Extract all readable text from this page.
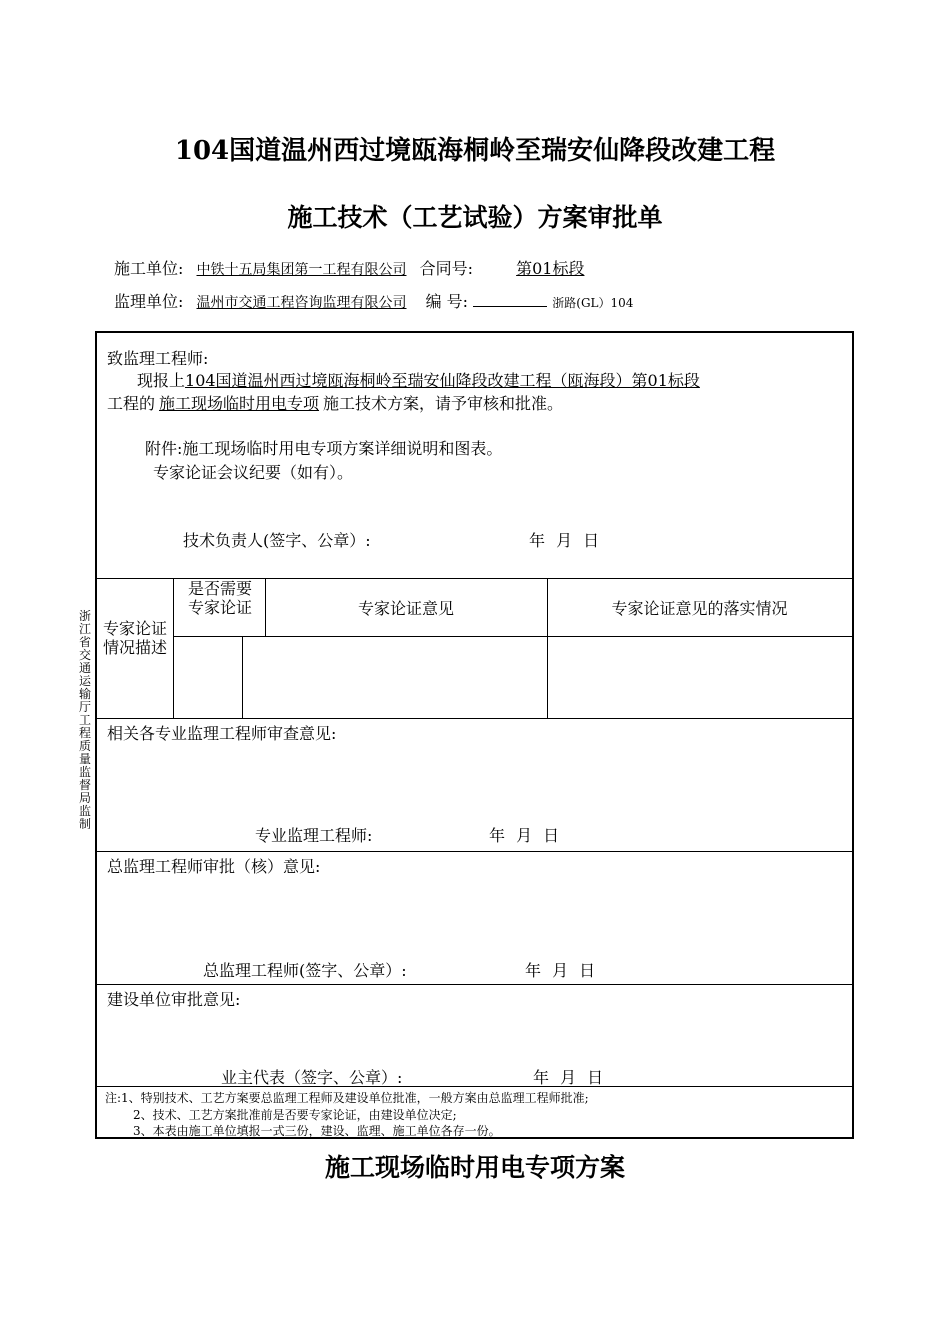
104国道温州西过境瓯海桐岭至瑞安仙降段改建工程
施工技术（工艺试验）方案审批单
施工单位: 中铁十五局集团第一工程有限公司 合同号:	第01标段
监理单位: 温州市交通工程咨询监理有限公司 编 号:	浙路(GL）104
浙江省交通运输厅工程质量监督局监制
致监理工程师:
现报上104国道温州西过境瓯海桐岭至瑞安仙降段改建工程（瓯海段）第01标段
工程的 施工现场临时用电专项 施工技术方案，请予审核和批准。
附件:施工现场临时用电专项方案详细说明和图表。
专家论证会议纪要（如有）。
技术负责人(签字、公章）:	年 月 日
专家论证情况描述
是否需要专家论证	专家论证意见	专家论证意见的落实情况
相关各专业监理工程师审查意见:
专业监理工程师:	年 月 日
总监理工程师审批（核）意见:
总监理工程师(签字、公章）:	年 月 日
建设单位审批意见:
业主代表（签字、公章）:	年 月 日
注:1、特别技术、工艺方案要总监理工程师及建设单位批准，一般方案由总监理工程师批准;
2、技术、工艺方案批准前是否要专家论证，由建设单位决定;
3、本表由施工单位填报一式三份，建设、监理、施工单位各存一份。
施工现场临时用电专项方案
